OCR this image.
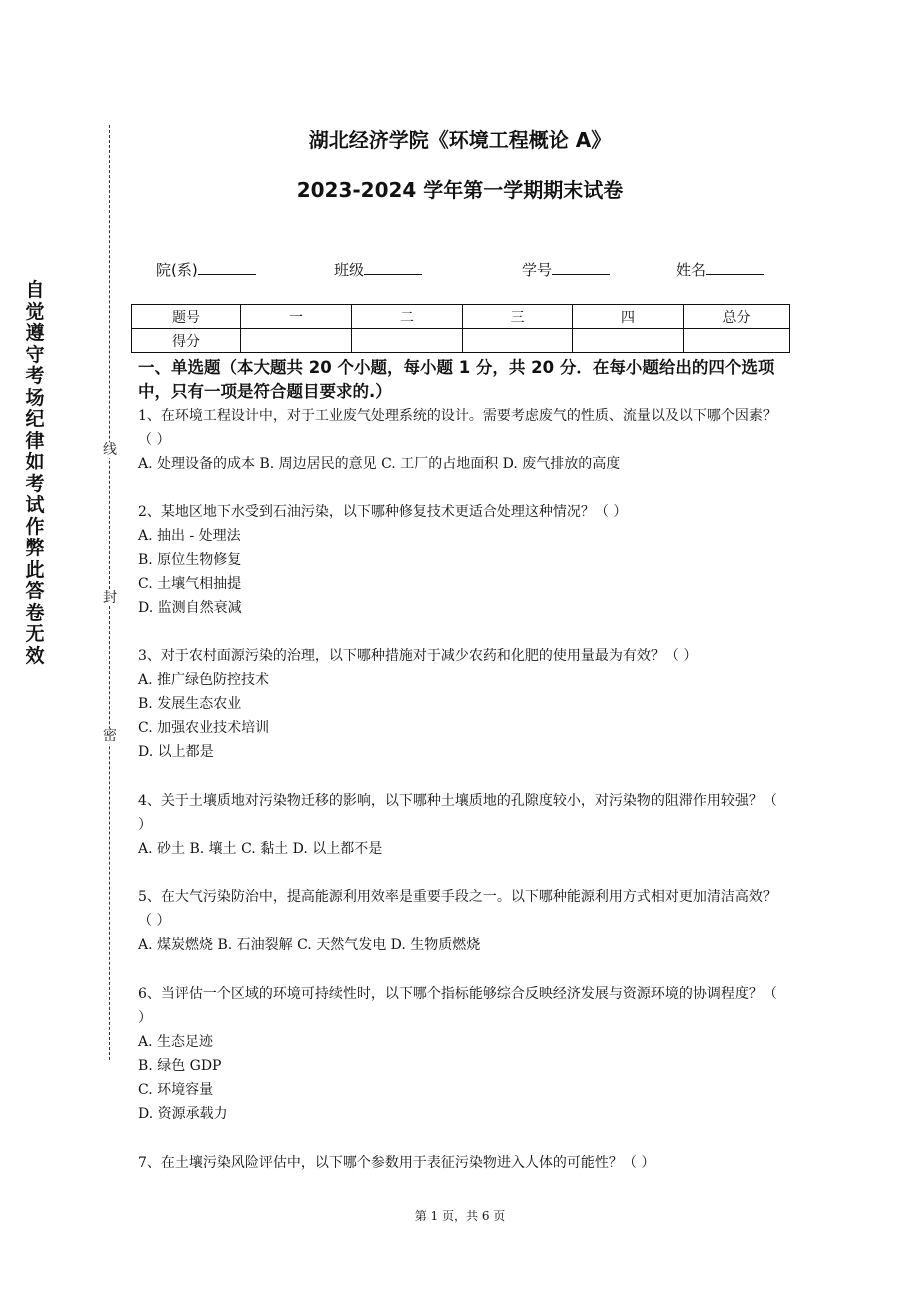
自
觉
遵
守
考
场
纪
律
如
考
试
作
弊
此
答
卷
无
效
线
封
密
湖北经济学院《环境工程概论 A》
2023-2024 学年第一学期期末试卷
院(系)	班级	学号	姓名
题号	一	二	三	四	总分
得分					
一、单选题（本大题共 20 个小题，每小题 1 分，共 20 分．在每小题给出的四个选项中，只有一项是符合题目要求的.）

1、在环境工程设计中，对于工业废气处理系统的设计。需要考虑废气的性质、流量以及以下哪个因素？（ ）

A. 处理设备的成本 B. 周边居民的意见 C. 工厂的占地面积 D. 废气排放的高度

2、某地区地下水受到石油污染，以下哪种修复技术更适合处理这种情况？（ ）

A. 抽出 - 处理法

B. 原位生物修复

C. 土壤气相抽提

D. 监测自然衰减

3、对于农村面源污染的治理，以下哪种措施对于减少农药和化肥的使用量最为有效？（ ）

A. 推广绿色防控技术

B. 发展生态农业

C. 加强农业技术培训

D. 以上都是

4、关于土壤质地对污染物迁移的影响，以下哪种土壤质地的孔隙度较小，对污染物的阻滞作用较强？（ ）

A. 砂土 B. 壤土 C. 黏土 D. 以上都不是

5、在大气污染防治中，提高能源利用效率是重要手段之一。以下哪种能源利用方式相对更加清洁高效？（ ）

A. 煤炭燃烧 B. 石油裂解 C. 天然气发电 D. 生物质燃烧

6、当评估一个区域的环境可持续性时，以下哪个指标能够综合反映经济发展与资源环境的协调程度？（ ）

A. 生态足迹

B. 绿色 GDP

C. 环境容量

D. 资源承载力

7、在土壤污染风险评估中，以下哪个参数用于表征污染物进入人体的可能性？（ ）

第 1 页，共 6 页
